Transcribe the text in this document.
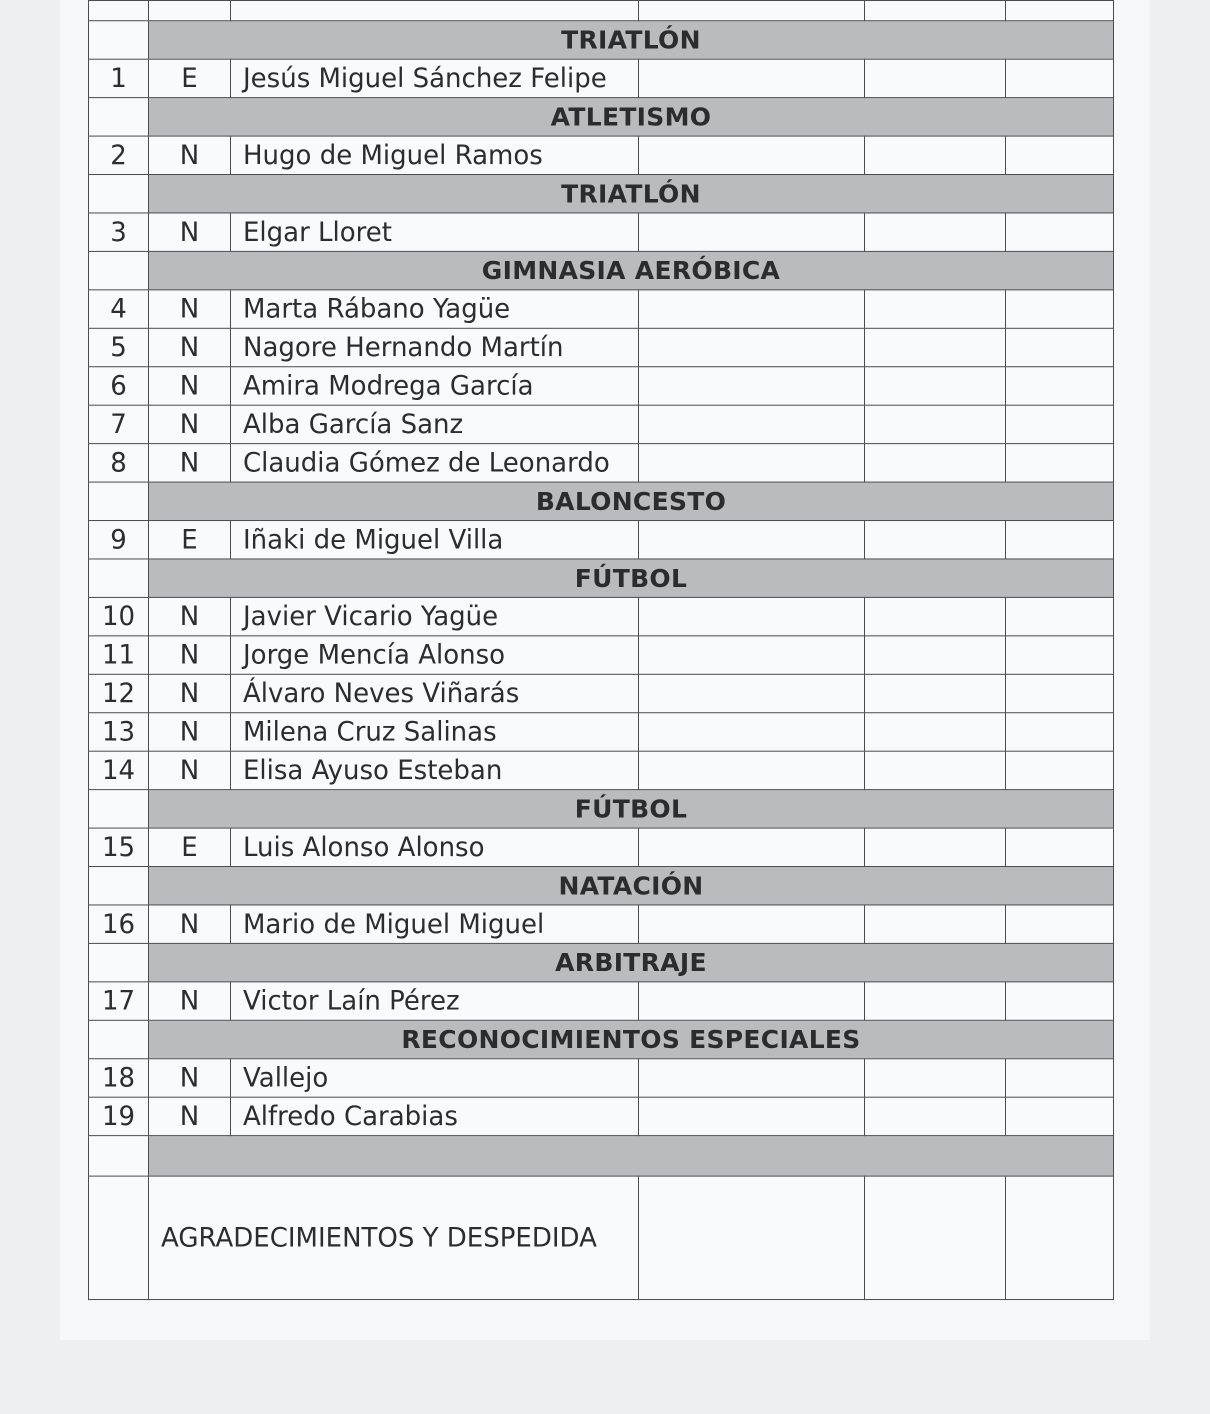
	TRIATLÓN				
1	E	Jesús Miguel Sánchez Felipe			
	ATLETISMO				
2	N	Hugo de Miguel Ramos			
	TRIATLÓN				
3	N	Elgar Lloret			
	GIMNASIA AERÓBICA				
4	N	Marta Rábano Yagüe			
5	N	Nagore Hernando Martín			
6	N	Amira Modrega García			
7	N	Alba García Sanz			
8	N	Claudia Gómez de Leonardo			
	BALONCESTO				
9	E	Iñaki de Miguel Villa			
	FÚTBOL				
10	N	Javier Vicario Yagüe			
11	N	Jorge Mencía Alonso			
12	N	Álvaro Neves Viñarás			
13	N	Milena Cruz Salinas			
14	N	Elisa Ayuso Esteban			
	FÚTBOL				
15	E	Luis Alonso Alonso			
	NATACIÓN				
16	N	Mario de Miguel Miguel			
	ARBITRAJE				
17	N	Victor Laín Pérez			
	RECONOCIMIENTOS ESPECIALES				
18	N	Vallejo			
19	N	Alfredo Carabias			

	AGRADECIMIENTOS Y DESPEDIDA				
